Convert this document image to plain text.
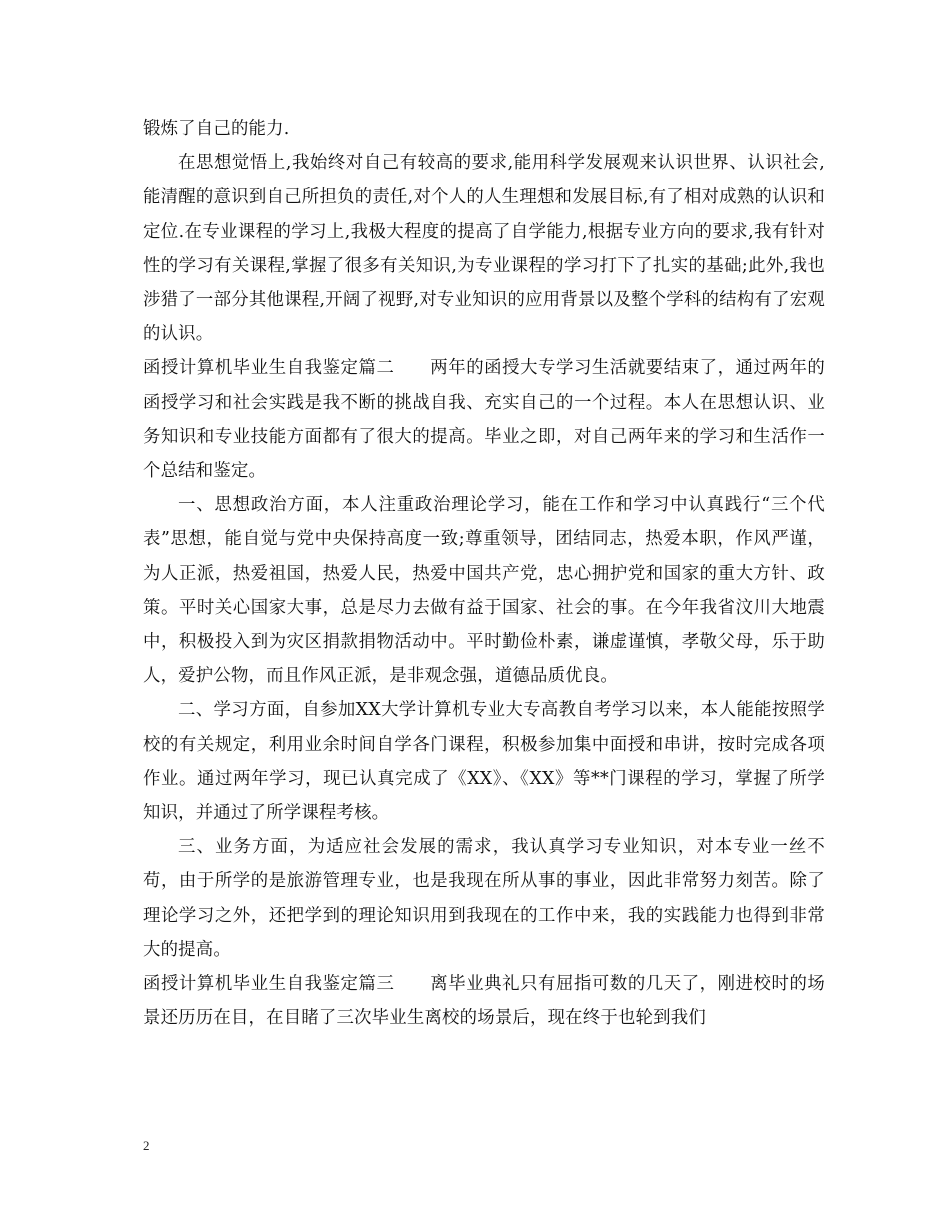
锻炼了自己的能力.

在思想觉悟上,我始终对自己有较高的要求,能用科学发展观来认识世界、认识社会,能清醒的意识到自己所担负的责任,对个人的人生理想和发展目标,有了相对成熟的认识和定位.在专业课程的学习上,我极大程度的提高了自学能力,根据专业方向的要求,我有针对性的学习有关课程,掌握了很多有关知识,为专业课程的学习打下了扎实的基础;此外,我也涉猎了一部分其他课程,开阔了视野,对专业知识的应用背景以及整个学科的结构有了宏观的认识。

函授计算机毕业生自我鉴定篇二　　两年的函授大专学习生活就要结束了，通过两年的函授学习和社会实践是我不断的挑战自我、充实自己的一个过程。本人在思想认识、业务知识和专业技能方面都有了很大的提高。毕业之即，对自己两年来的学习和生活作一个总结和鉴定。

一、思想政治方面，本人注重政治理论学习，能在工作和学习中认真践行“三个代表”思想，能自觉与党中央保持高度一致;尊重领导，团结同志，热爱本职，作风严谨，为人正派，热爱祖国，热爱人民，热爱中国共产党，忠心拥护党和国家的重大方针、政策。平时关心国家大事，总是尽力去做有益于国家、社会的事。在今年我省汶川大地震中，积极投入到为灾区捐款捐物活动中。平时勤俭朴素，谦虚谨慎，孝敬父母，乐于助人，爱护公物，而且作风正派，是非观念强，道德品质优良。

二、学习方面，自参加XX大学计算机专业大专高教自考学习以来，本人能能按照学校的有关规定，利用业余时间自学各门课程，积极参加集中面授和串讲，按时完成各项作业。通过两年学习，现已认真完成了《XX》、《XX》等**门课程的学习，掌握了所学知识，并通过了所学课程考核。

三、业务方面，为适应社会发展的需求，我认真学习专业知识，对本专业一丝不苟，由于所学的是旅游管理专业，也是我现在所从事的事业，因此非常努力刻苦。除了理论学习之外，还把学到的理论知识用到我现在的工作中来，我的实践能力也得到非常大的提高。

函授计算机毕业生自我鉴定篇三　　离毕业典礼只有屈指可数的几天了，刚进校时的场景还历历在目，在目睹了三次毕业生离校的场景后，现在终于也轮到我们

2
